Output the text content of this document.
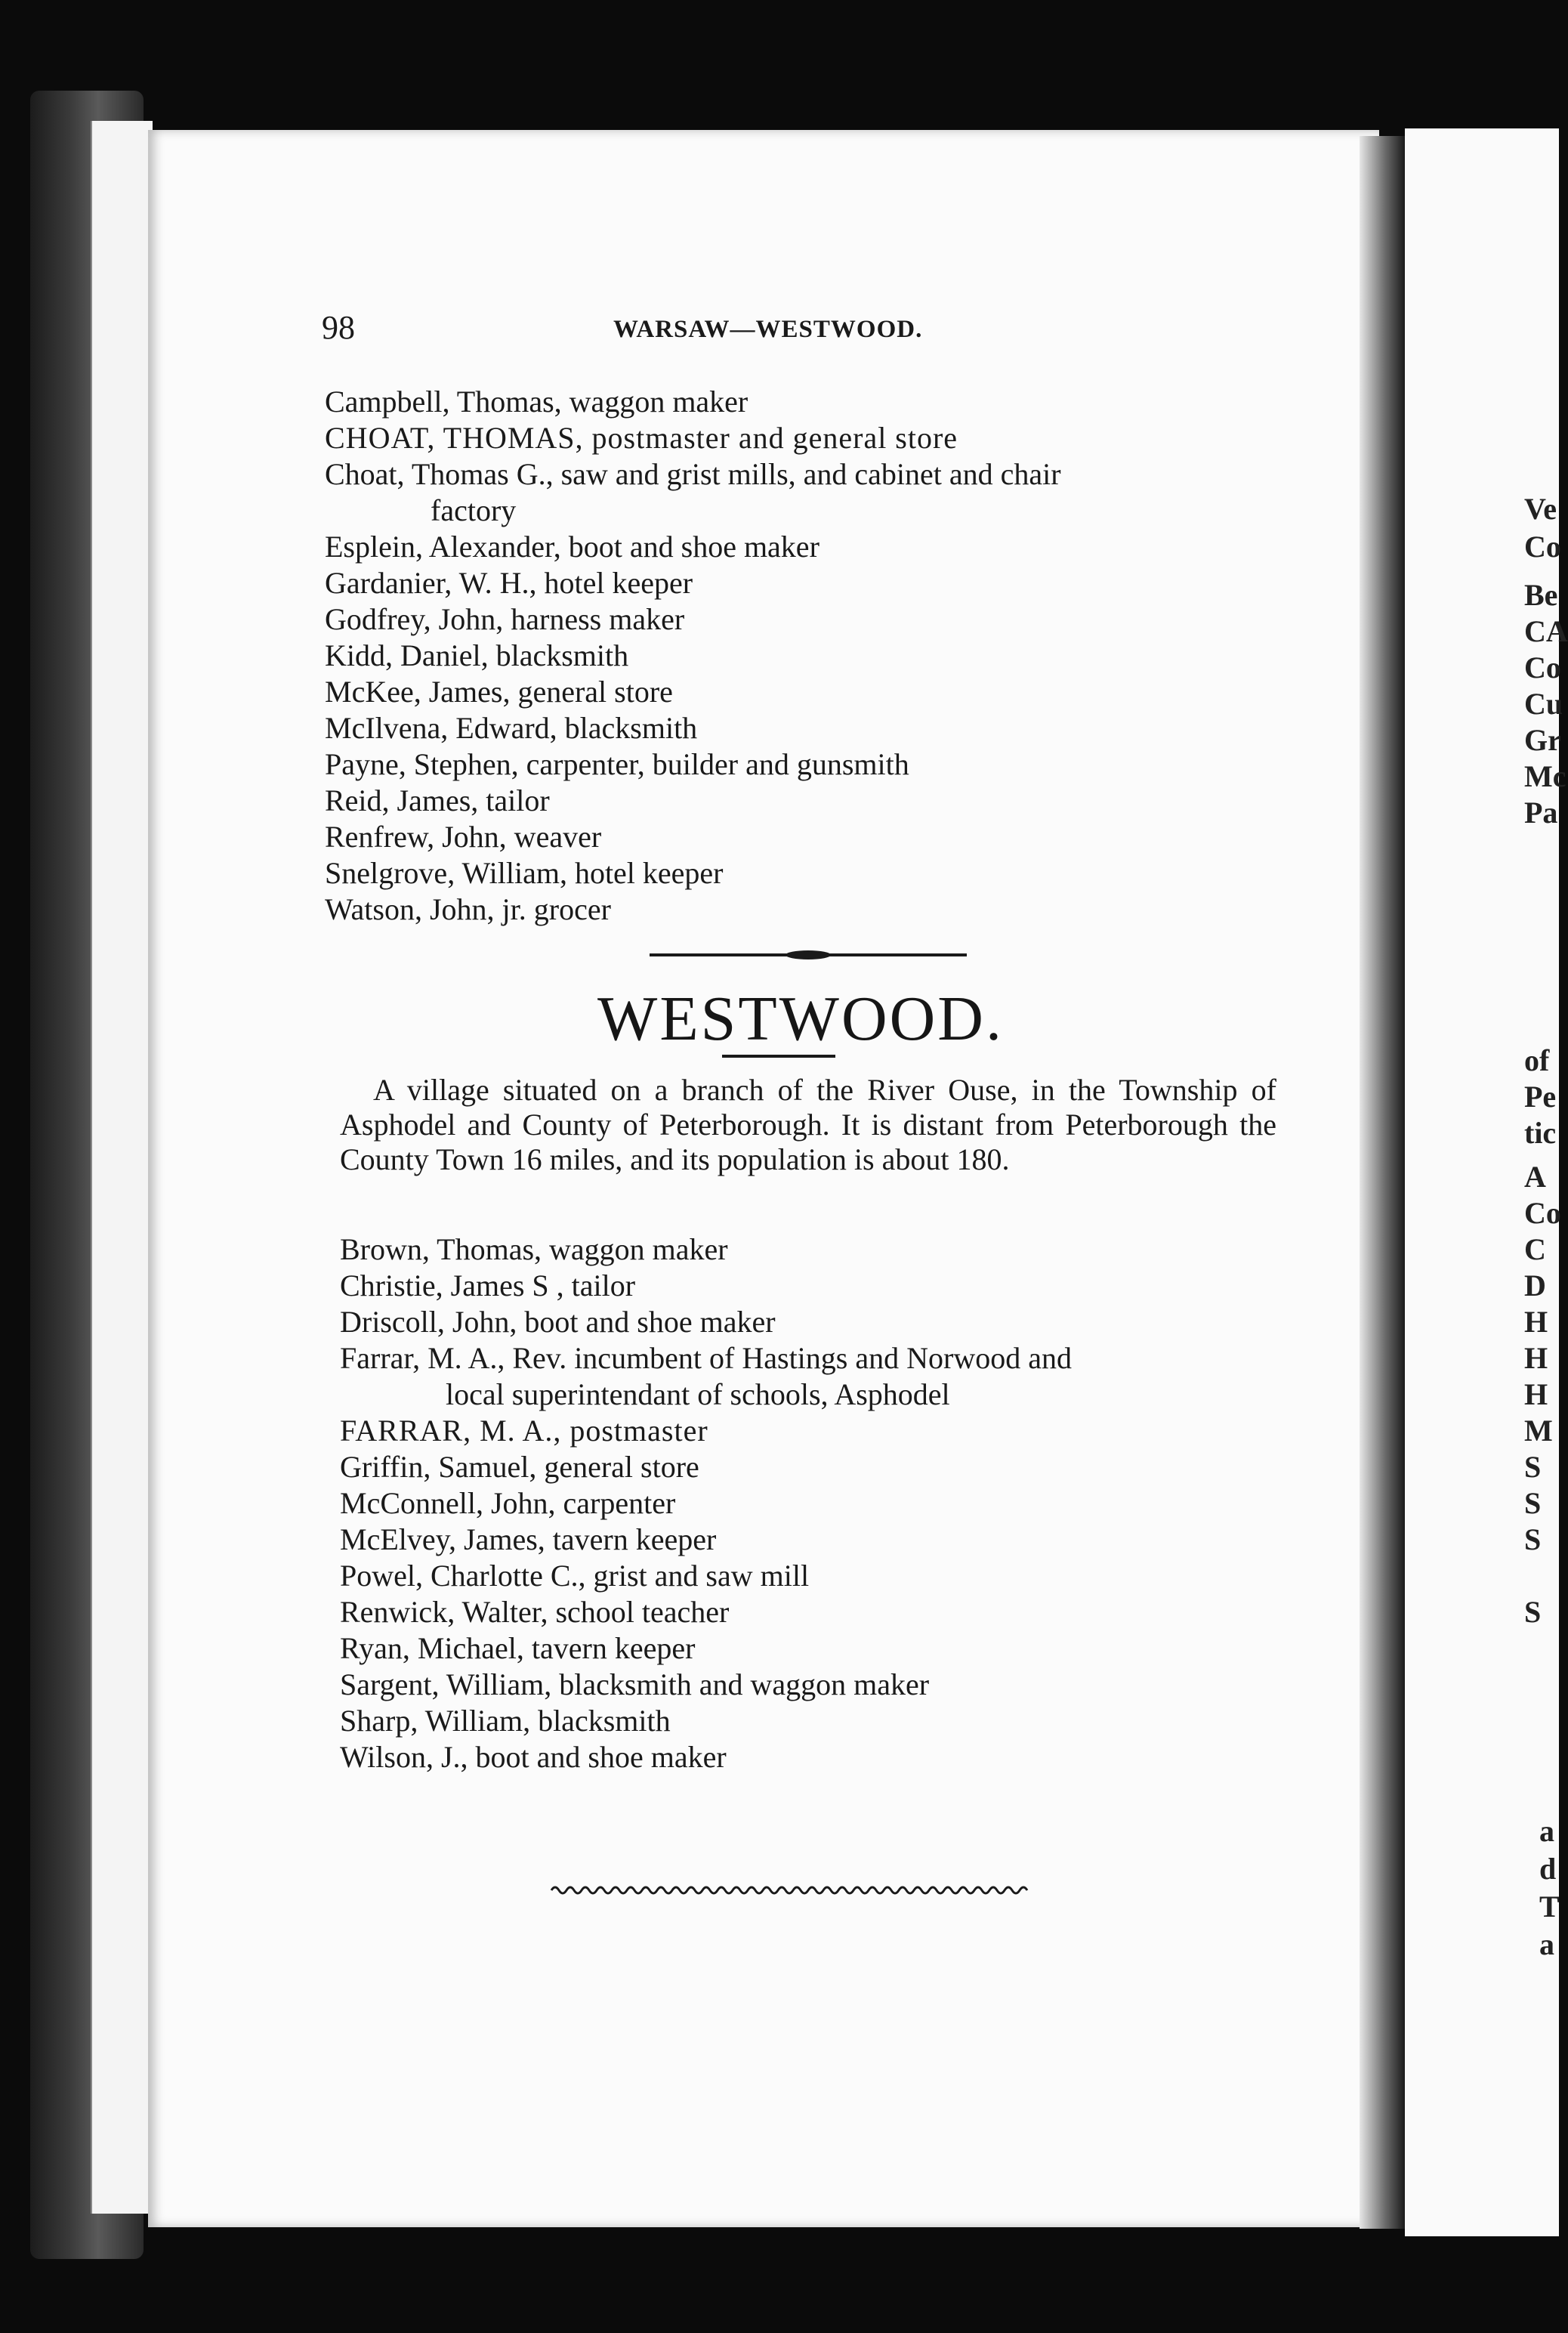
Ve
Co
Be
CA
Co
Cu
Gr
Mc
Pa
of
Pe
tic
A
Co
C
D
H
H
H
M
S
S
S
S
a
d
T
a
98	WARSAW—WESTWOOD.
Campbell, Thomas, waggon maker
CHOAT, THOMAS, postmaster and general store
Choat, Thomas G., saw and grist mills, and cabinet and chair
factory
Esplein, Alexander, boot and shoe maker
Gardanier, W. H., hotel keeper
Godfrey, John, harness maker
Kidd, Daniel, blacksmith
McKee, James, general store
McIlvena, Edward, blacksmith
Payne, Stephen, carpenter, builder and gunsmith
Reid, James, tailor
Renfrew, John, weaver
Snelgrove, William, hotel keeper
Watson, John, jr. grocer
WESTWOOD.
A village situated on a branch of the River Ouse, in the Township of Asphodel and County of Peterborough. It is distant from Peterborough the County Town 16 miles, and its population is about 180.
Brown, Thomas, waggon maker
Christie, James S , tailor
Driscoll, John, boot and shoe maker
Farrar, M. A., Rev. incumbent of Hastings and Norwood and
local superintendant of schools, Asphodel
FARRAR, M. A., postmaster
Griffin, Samuel, general store
McConnell, John, carpenter
McElvey, James, tavern keeper
Powel, Charlotte C., grist and saw mill
Renwick, Walter, school teacher
Ryan, Michael, tavern keeper
Sargent, William, blacksmith and waggon maker
Sharp, William, blacksmith
Wilson, J., boot and shoe maker
